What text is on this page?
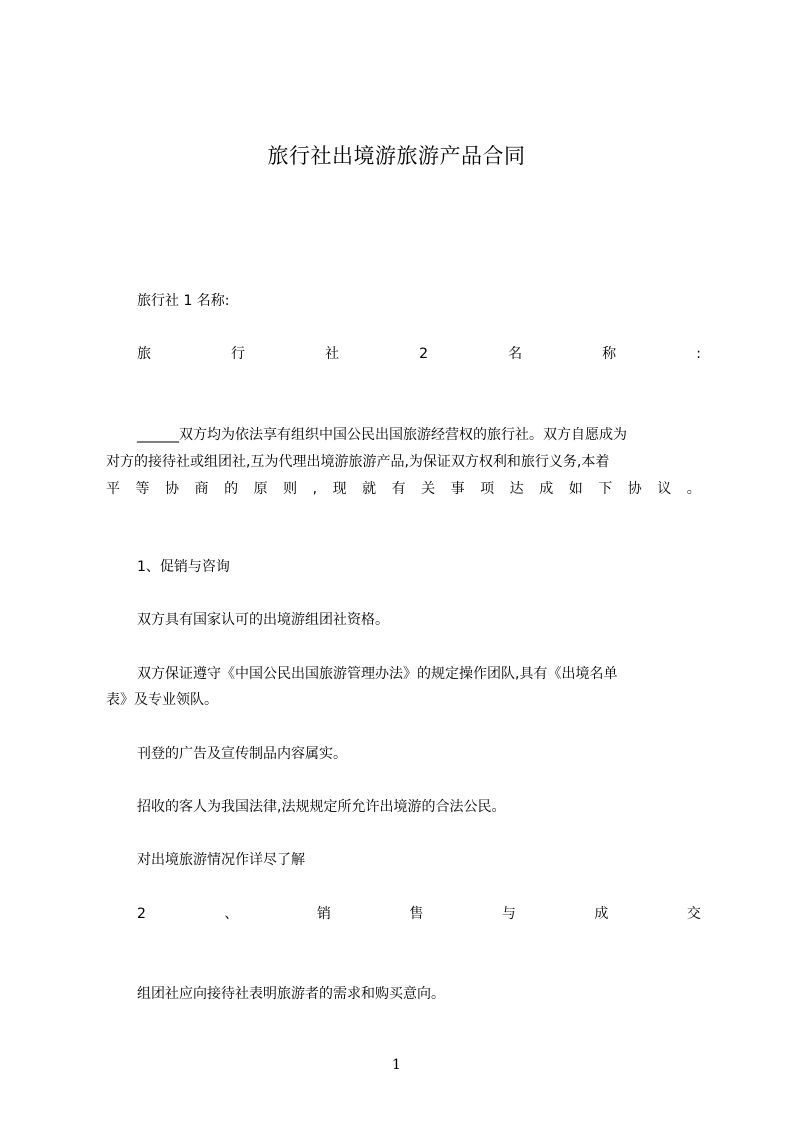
旅行社出境游旅游产品合同
旅行社 1 名称:
旅	行	社	2	名	称	:
______双方均为依法享有组织中国公民出国旅游经营权的旅行社。双方自愿成为
对方的接待社或组团社,互为代理出境游旅游产品,为保证双方权利和旅行义务,本着
平 等 协 商 的 原 则 , 现 就 有 关 事 项 达 成 如 下 协 议 。
1、促销与咨询
双方具有国家认可的出境游组团社资格。
双方保证遵守《中国公民出国旅游管理办法》的规定操作团队,具有《出境名单
表》及专业领队。
刊登的广告及宣传制品内容属实。
招收的客人为我国法律,法规规定所允许出境游的合法公民。
对出境旅游情况作详尽了解
2	、	销	售	与	成	交
组团社应向接待社表明旅游者的需求和购买意向。
1
